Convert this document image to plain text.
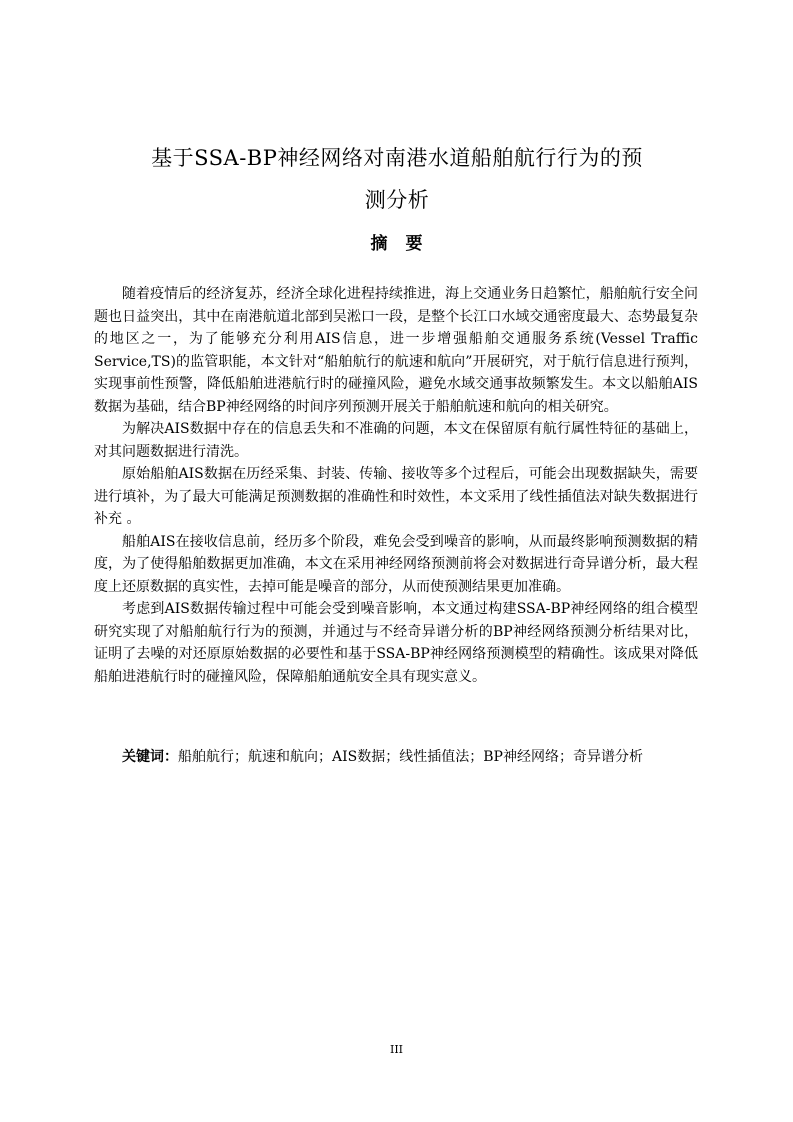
基于SSA-BP神经网络对南港水道船舶航行行为的预
测分析
摘要

随着疫情后的经济复苏，经济全球化进程持续推进，海上交通业务日趋繁忙，船舶航行安全问题也日益突出，其中在南港航道北部到吴淞口一段，是整个长江口水域交通密度最大、态势最复杂的地区之一，为了能够充分利用AIS信息，进一步增强船舶交通服务系统(Vessel Traffic Service,TS)的监管职能，本文针对“船舶航行的航速和航向”开展研究，对于航行信息进行预判，实现事前性预警，降低船舶进港航行时的碰撞风险，避免水域交通事故频繁发生。本文以船舶AIS数据为基础，结合BP神经网络的时间序列预测开展关于船舶航速和航向的相关研究。

为解决AIS数据中存在的信息丢失和不准确的问题，本文在保留原有航行属性特征的基础上，对其问题数据进行清洗。

原始船舶AIS数据在历经采集、封装、传输、接收等多个过程后，可能会出现数据缺失，需要进行填补，为了最大可能满足预测数据的准确性和时效性，本文采用了线性插值法对缺失数据进行补充 。

船舶AIS在接收信息前，经历多个阶段，难免会受到噪音的影响，从而最终影响预测数据的精度，为了使得船舶数据更加准确，本文在采用神经网络预测前将会对数据进行奇异谱分析，最大程度上还原数据的真实性，去掉可能是噪音的部分，从而使预测结果更加准确。

考虑到AIS数据传输过程中可能会受到噪音影响，本文通过构建SSA-BP神经网络的组合模型研究实现了对船舶航行行为的预测，并通过与不经奇异谱分析的BP神经网络预测分析结果对比，证明了去噪的对还原原始数据的必要性和基于SSA-BP神经网络预测模型的精确性。该成果对降低船舶进港航行时的碰撞风险，保障船舶通航安全具有现实意义。

关键词：船舶航行；航速和航向；AIS数据；线性插值法；BP神经网络；奇异谱分析
III
